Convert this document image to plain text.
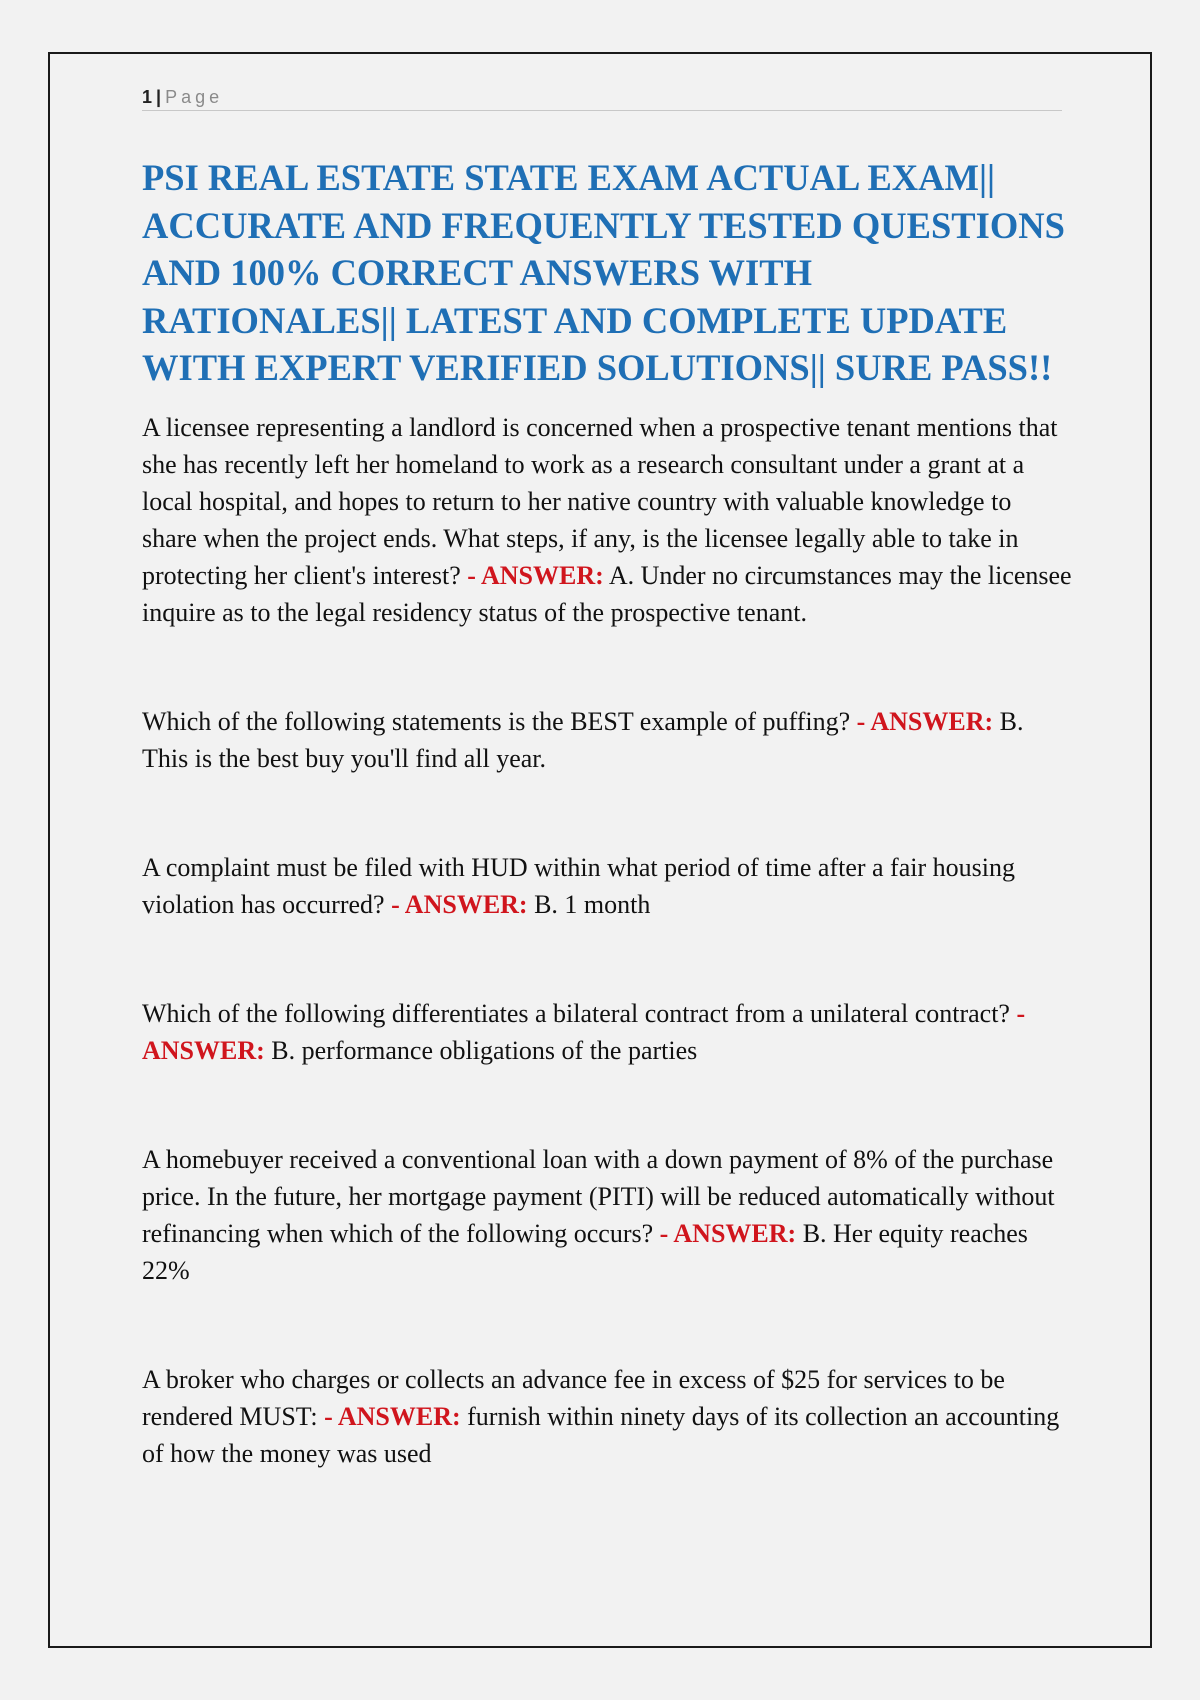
1 | Page
PSI REAL ESTATE STATE EXAM ACTUAL EXAM|| ACCURATE AND FREQUENTLY TESTED QUESTIONS AND 100% CORRECT ANSWERS WITH RATIONALES|| LATEST AND COMPLETE UPDATE WITH EXPERT VERIFIED SOLUTIONS|| SURE PASS!!

A licensee representing a landlord is concerned when a prospective tenant mentions that she has recently left her homeland to work as a research consultant under a grant at a local hospital, and hopes to return to her native country with valuable knowledge to share when the project ends. What steps, if any, is the licensee legally able to take in protecting her client's interest? - ANSWER: A. Under no circumstances may the licensee inquire as to the legal residency status of the prospective tenant.

Which of the following statements is the BEST example of puffing? - ANSWER: B. This is the best buy you'll find all year.

A complaint must be filed with HUD within what period of time after a fair housing violation has occurred? - ANSWER: B. 1 month

Which of the following differentiates a bilateral contract from a unilateral contract? - ANSWER: B. performance obligations of the parties

A homebuyer received a conventional loan with a down payment of 8% of the purchase price. In the future, her mortgage payment (PITI) will be reduced automatically without refinancing when which of the following occurs? - ANSWER: B. Her equity reaches 22%

A broker who charges or collects an advance fee in excess of $25 for services to be rendered MUST: - ANSWER: furnish within ninety days of its collection an accounting of how the money was used
